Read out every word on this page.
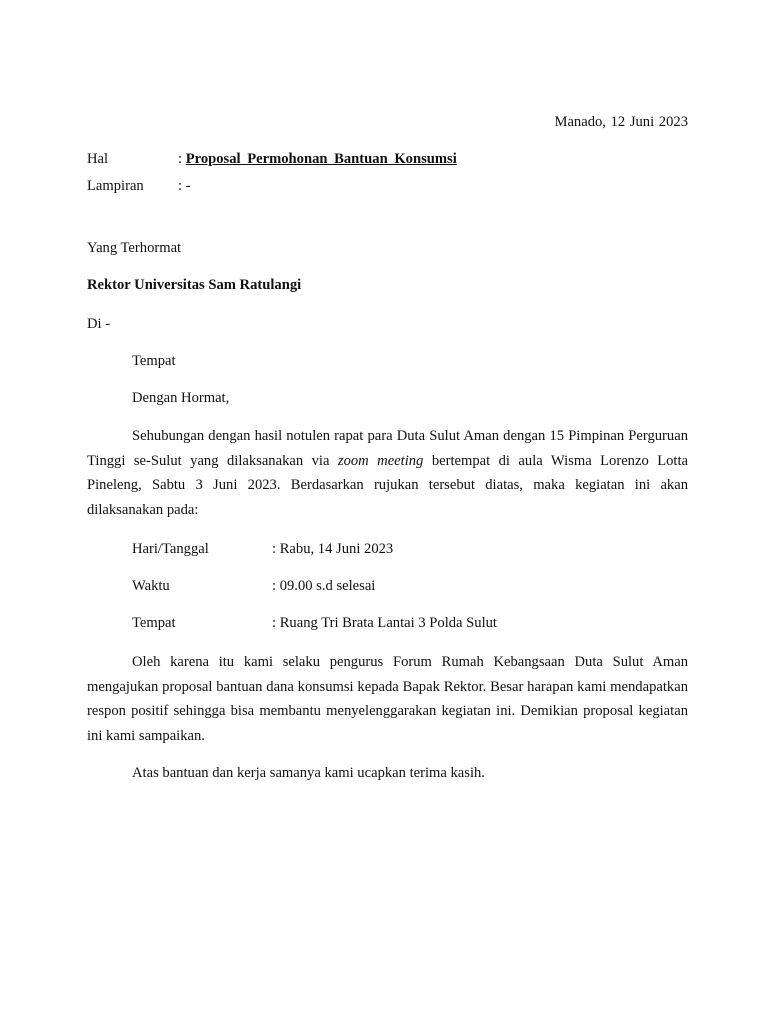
Manado, 12 Juni 2023
Hal	: Proposal Permohonan Bantuan Konsumsi
Lampiran : -
Yang Terhormat
Rektor Universitas Sam Ratulangi
Di -
Tempat
Dengan Hormat,
Sehubungan dengan hasil notulen rapat para Duta Sulut Aman dengan 15 Pimpinan Perguruan Tinggi se-Sulut yang dilaksanakan via zoom meeting bertempat di aula Wisma Lorenzo Lotta Pineleng, Sabtu 3 Juni 2023. Berdasarkan rujukan tersebut diatas, maka kegiatan ini akan dilaksanakan pada:
Hari/Tanggal	: Rabu, 14 Juni 2023
Waktu	: 09.00 s.d selesai
Tempat	: Ruang Tri Brata Lantai 3 Polda Sulut
Oleh karena itu kami selaku pengurus Forum Rumah Kebangsaan Duta Sulut Aman mengajukan proposal bantuan dana konsumsi kepada Bapak Rektor. Besar harapan kami mendapatkan respon positif sehingga bisa membantu menyelenggarakan kegiatan ini. Demikian proposal kegiatan ini kami sampaikan.
Atas bantuan dan kerja samanya kami ucapkan terima kasih.
